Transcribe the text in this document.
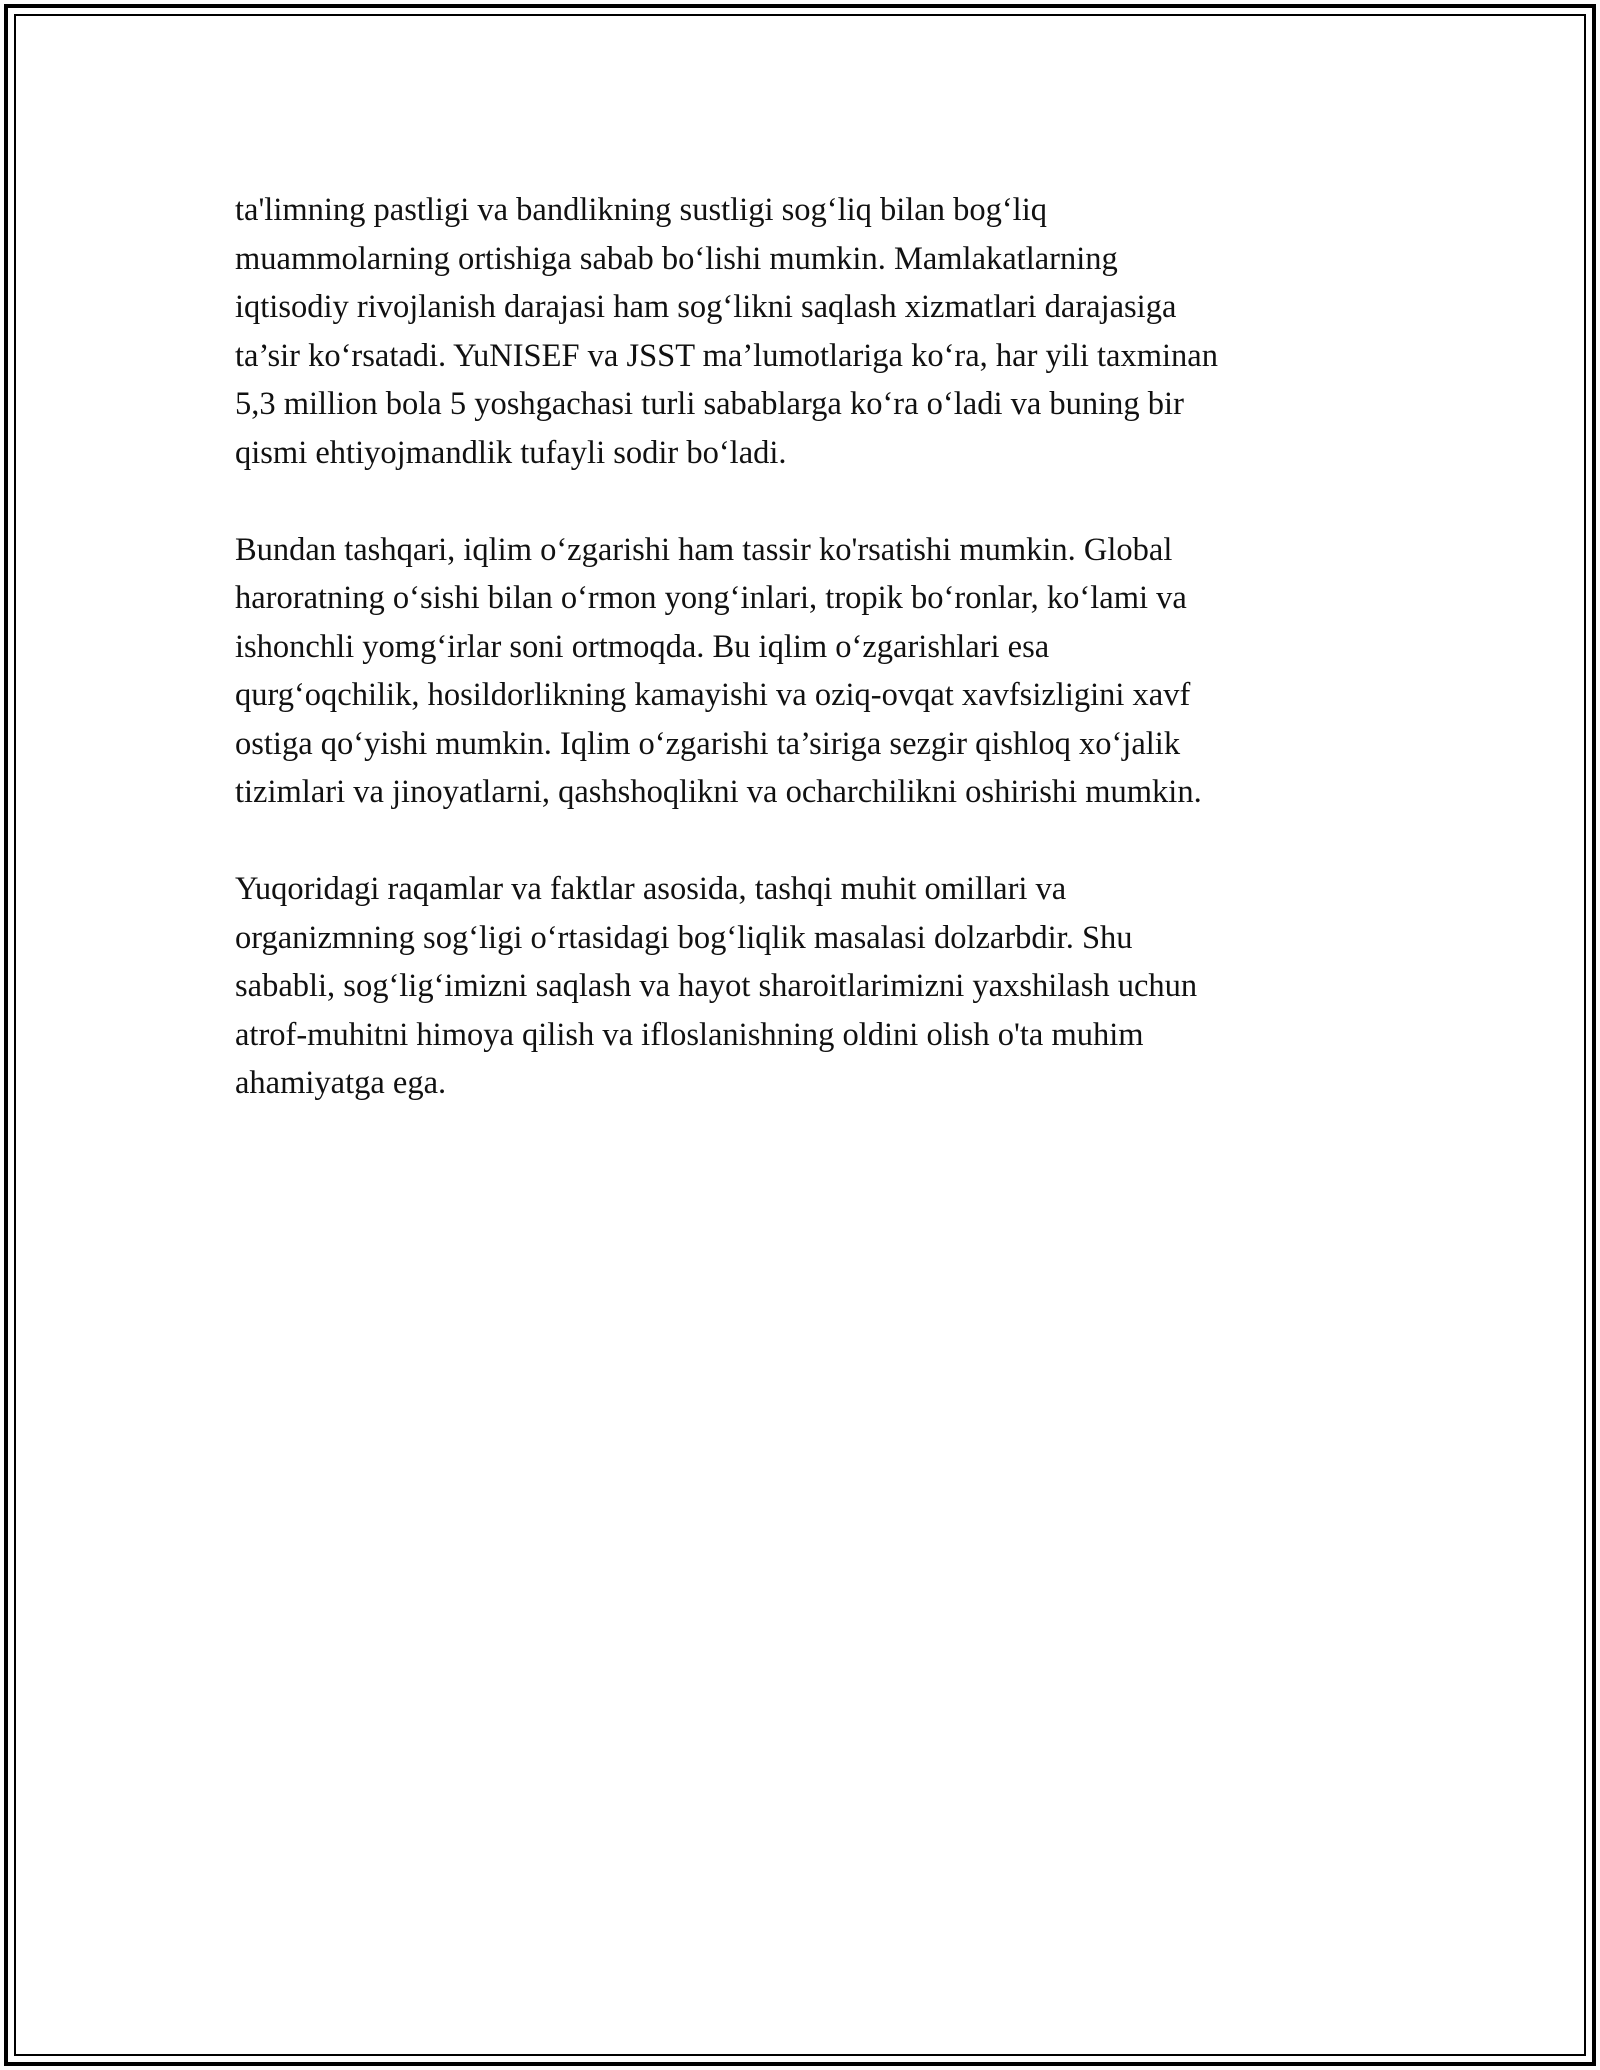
ta'limning pastligi va bandlikning sustligi sog‘liq bilan bog‘liq
muammolarning ortishiga sabab bo‘lishi mumkin. Mamlakatlarning
iqtisodiy rivojlanish darajasi ham sog‘likni saqlash xizmatlari darajasiga
ta’sir ko‘rsatadi. YuNISEF va JSST ma’lumotlariga ko‘ra, har yili taxminan
5,3 million bola 5 yoshgachasi turli sabablarga ko‘ra o‘ladi va buning bir
qismi ehtiyojmandlik tufayli sodir bo‘ladi.

Bundan tashqari, iqlim o‘zgarishi ham tassir ko'rsatishi mumkin. Global
haroratning o‘sishi bilan o‘rmon yong‘inlari, tropik bo‘ronlar, ko‘lami va
ishonchli yomg‘irlar soni ortmoqda. Bu iqlim o‘zgarishlari esa
qurg‘oqchilik, hosildorlikning kamayishi va oziq-ovqat xavfsizligini xavf
ostiga qo‘yishi mumkin. Iqlim o‘zgarishi ta’siriga sezgir qishloq xo‘jalik
tizimlari va jinoyatlarni, qashshoqlikni va ocharchilikni oshirishi mumkin.

Yuqoridagi raqamlar va faktlar asosida, tashqi muhit omillari va
organizmning sog‘ligi o‘rtasidagi bog‘liqlik masalasi dolzarbdir. Shu
sababli, sog‘lig‘imizni saqlash va hayot sharoitlarimizni yaxshilash uchun
atrof-muhitni himoya qilish va ifloslanishning oldini olish o'ta muhim
ahamiyatga ega.
